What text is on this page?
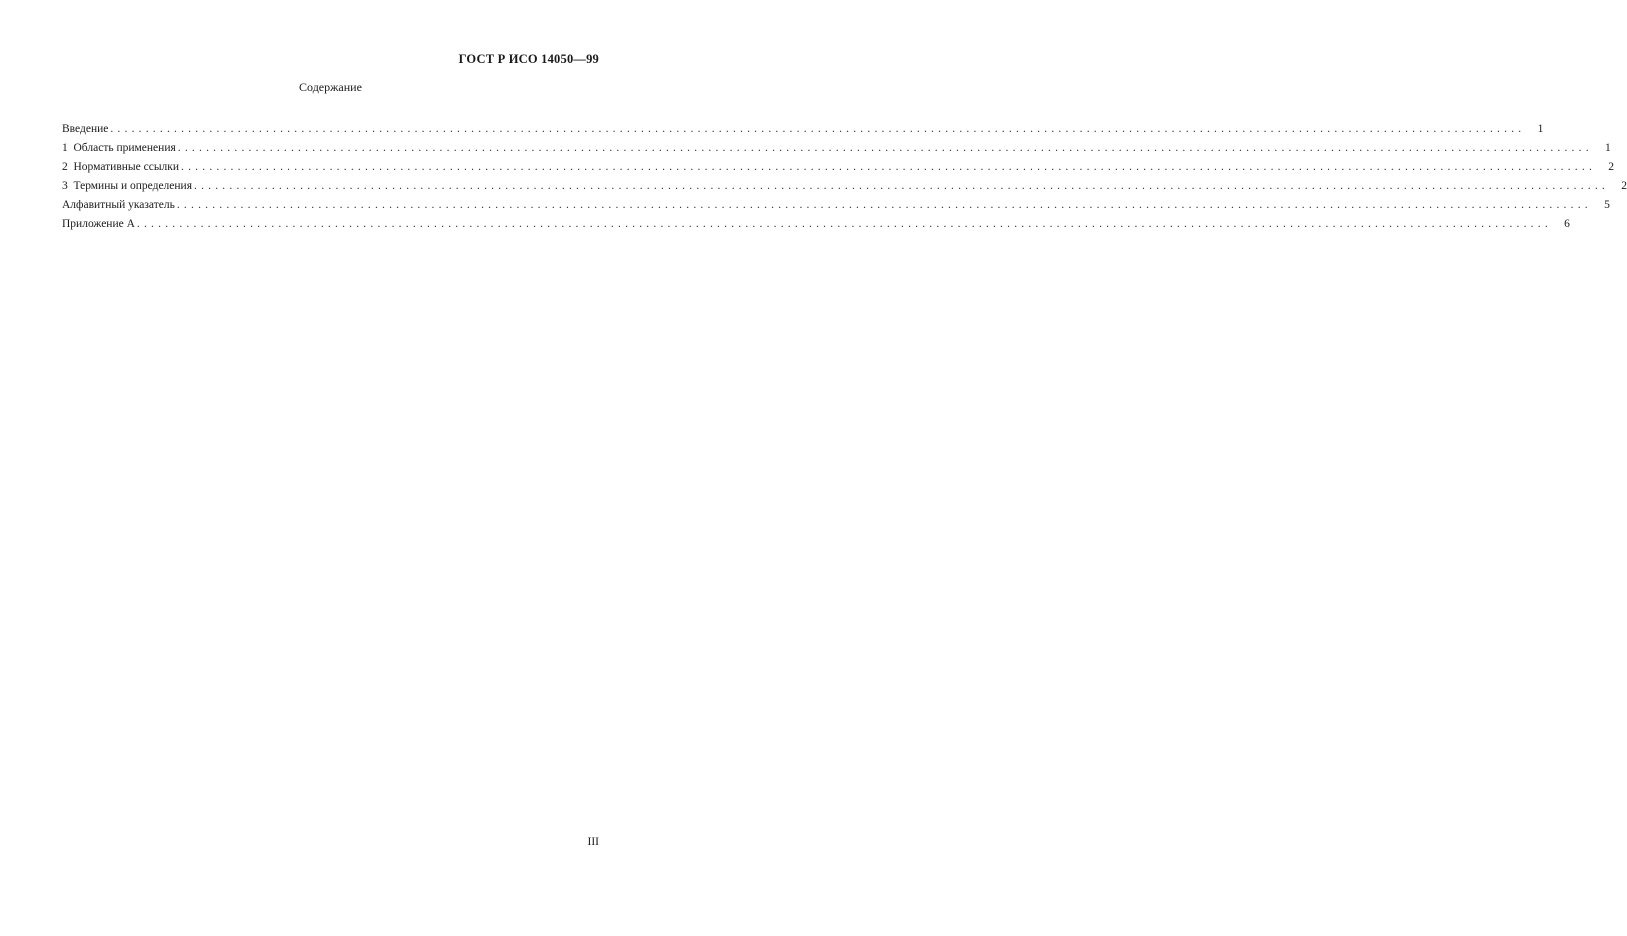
ГОСТ Р ИСО 14050—99
Содержание
Введение ........................................................................................................................................................................................................	1
1  Область применения ........................................................................................................................................................................................................	1
2  Нормативные ссылки ........................................................................................................................................................................................................	2
3  Термины и определения ........................................................................................................................................................................................................	2
Алфавитный указатель ........................................................................................................................................................................................................	5
Приложение А ........................................................................................................................................................................................................	6
III
